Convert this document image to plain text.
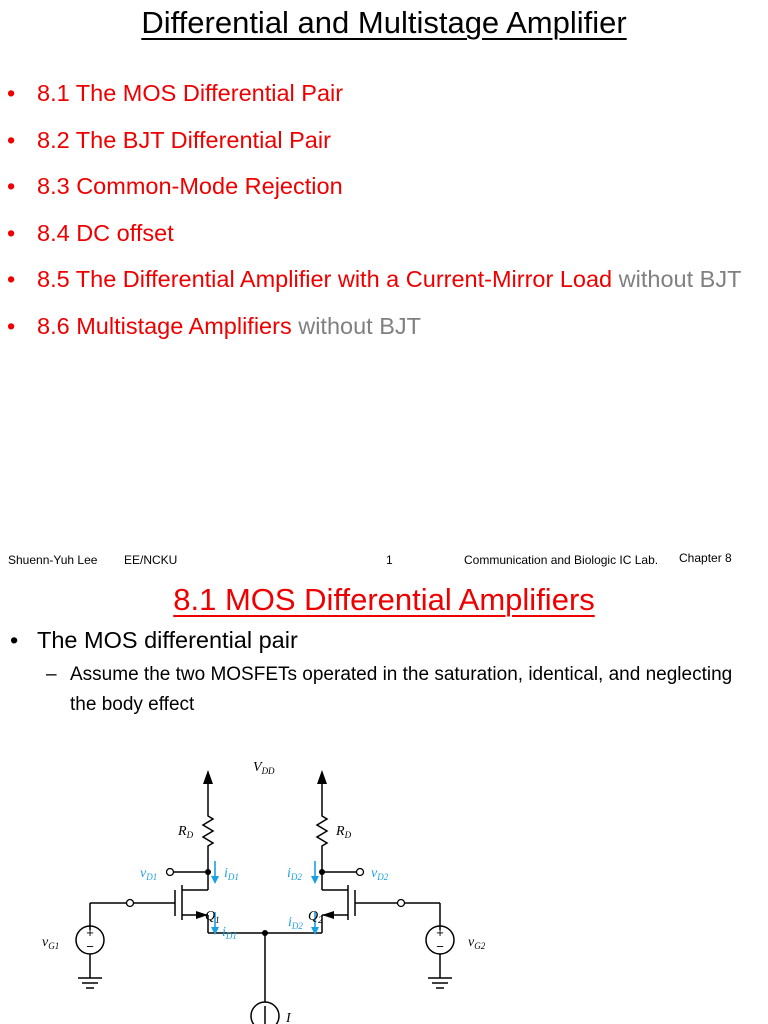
Differential and Multistage Amplifier
• 8.1 The MOS Differential Pair
• 8.2 The BJT Differential Pair
• 8.3 Common-Mode Rejection
• 8.4 DC offset
• 8.5 The Differential Amplifier with a Current-Mirror Load without BJT
• 8.6 Multistage Amplifiers without BJT
Shuenn-Yuh Lee EE/NCKU	1	Communication and Biologic IC Lab. Chapter 8
8.1 MOS Differential Amplifiers
• The MOS differential pair
– Assume the two MOSFETs operated in the saturation, identical, and neglecting the body effect
$V_{DD}$
$R_D$	$R_D$
$Q_1$	$Q_2$
$v_{G1}$	$v_{G2}$
I
$v_{D1}$	$v_{D2}$
$i_{D1}$	$i_{D2}$
$i_{D1}$
$i_{D2}$
+
−
+
−
